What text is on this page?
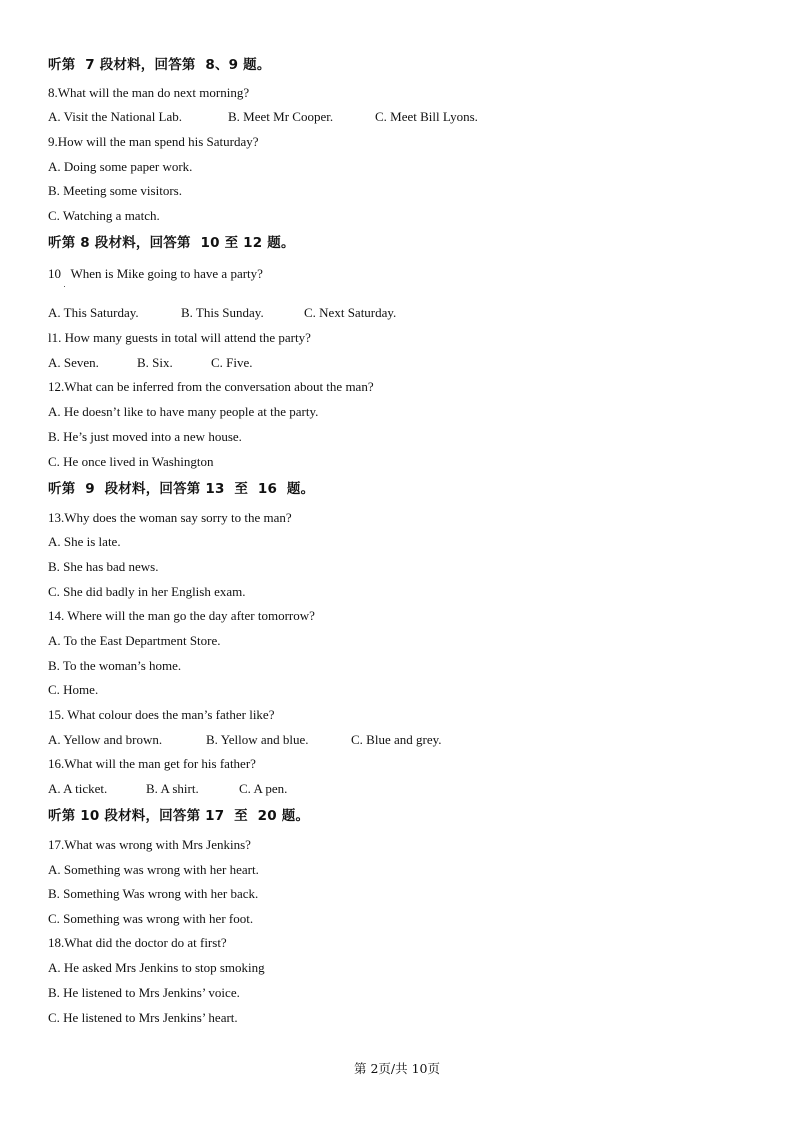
听第  7 段材料，回答第  8、9 题。
8.What will the man do next morning?
A. Visit the National Lab.	B. Meet Mr Cooper.	C. Meet Bill Lyons.
9.How will the man spend his Saturday?
A. Doing some paper work.
B. Meeting some visitors.
C. Watching a match.
听第 8 段材料，回答第  10 至 12 题。
10   When is Mike going to have a party?
A. This Saturday.	B. This Sunday.	C. Next Saturday.
l1. How many guests in total will attend the party?
A. Seven.	B. Six.	C. Five.
12.What can be inferred from the conversation about the man?
A. He doesn’t like to have many people at the party.
B. He’s just moved into a new house.
C. He once lived in Washington
听第  9  段材料，回答第 13  至  16  题。
13.Why does the woman say sorry to the man?
A. She is late.
B. She has bad news.
C. She did badly in her English exam.
14. Where will the man go the day after tomorrow?
A. To the East Department Store.
B. To the woman’s home.
C. Home.
15. What colour does the man’s father like?
A. Yellow and brown.	B. Yellow and blue.	C. Blue and grey.
16.What will the man get for his father?
A. A ticket.	B. A shirt.	C. A pen.
听第 10 段材料，回答第 17  至  20 题。
17.What was wrong with Mrs Jenkins?
A. Something was wrong with her heart.
B. Something Was wrong with her back.
C. Something was wrong with her foot.
18.What did the doctor do at first?
A. He asked Mrs Jenkins to stop smoking
B. He listened to Mrs Jenkins’ voice.
C. He listened to Mrs Jenkins’ heart.
第 2页/共 10页
